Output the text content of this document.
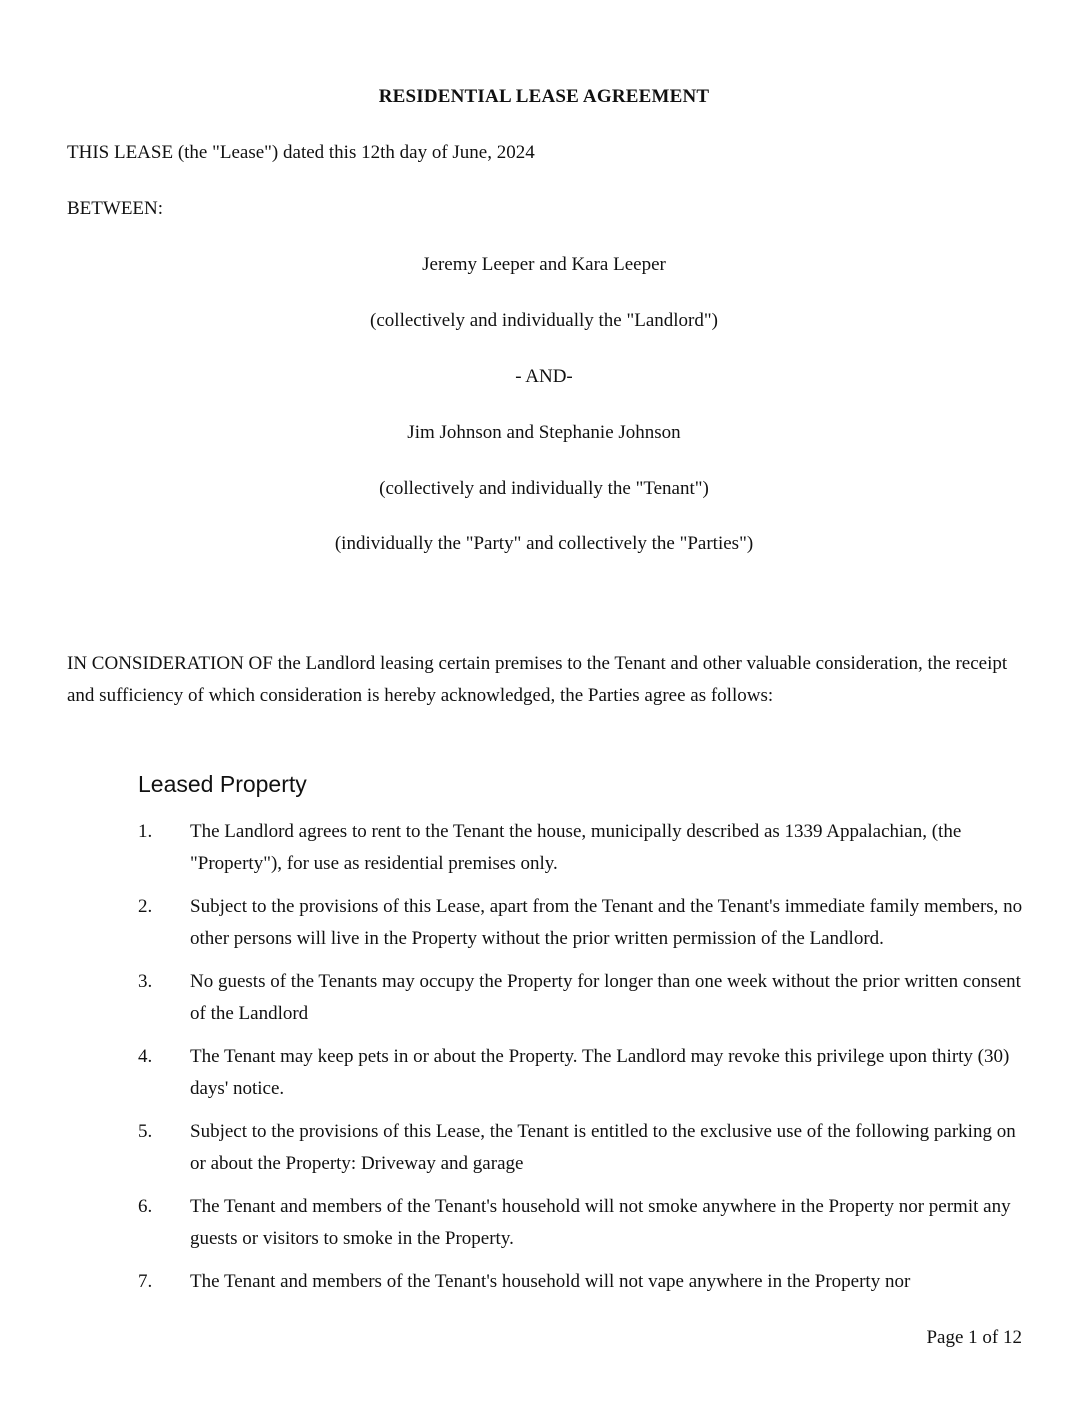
RESIDENTIAL LEASE AGREEMENT
THIS LEASE (the "Lease") dated this 12th day of June, 2024
BETWEEN:
Jeremy Leeper and Kara Leeper
(collectively and individually the "Landlord")
- AND-
Jim Johnson and Stephanie Johnson
(collectively and individually the "Tenant")
(individually the "Party" and collectively the "Parties")
IN CONSIDERATION OF the Landlord leasing certain premises to the Tenant and other valuable consideration, the receipt and sufficiency of which consideration is hereby acknowledged, the Parties agree as follows:
Leased Property
1.	The Landlord agrees to rent to the Tenant the house, municipally described as 1339 Appalachian, (the "Property"), for use as residential premises only.
2.	Subject to the provisions of this Lease, apart from the Tenant and the Tenant's immediate family members, no other persons will live in the Property without the prior written permission of the Landlord.
3.	No guests of the Tenants may occupy the Property for longer than one week without the prior written consent of the Landlord
4.	The Tenant may keep pets in or about the Property. The Landlord may revoke this privilege upon thirty (30) days' notice.
5.	Subject to the provisions of this Lease, the Tenant is entitled to the exclusive use of the following parking on or about the Property: Driveway and garage
6.	The Tenant and members of the Tenant's household will not smoke anywhere in the Property nor permit any guests or visitors to smoke in the Property.
7.	The Tenant and members of the Tenant's household will not vape anywhere in the Property nor
Page 1 of 12
